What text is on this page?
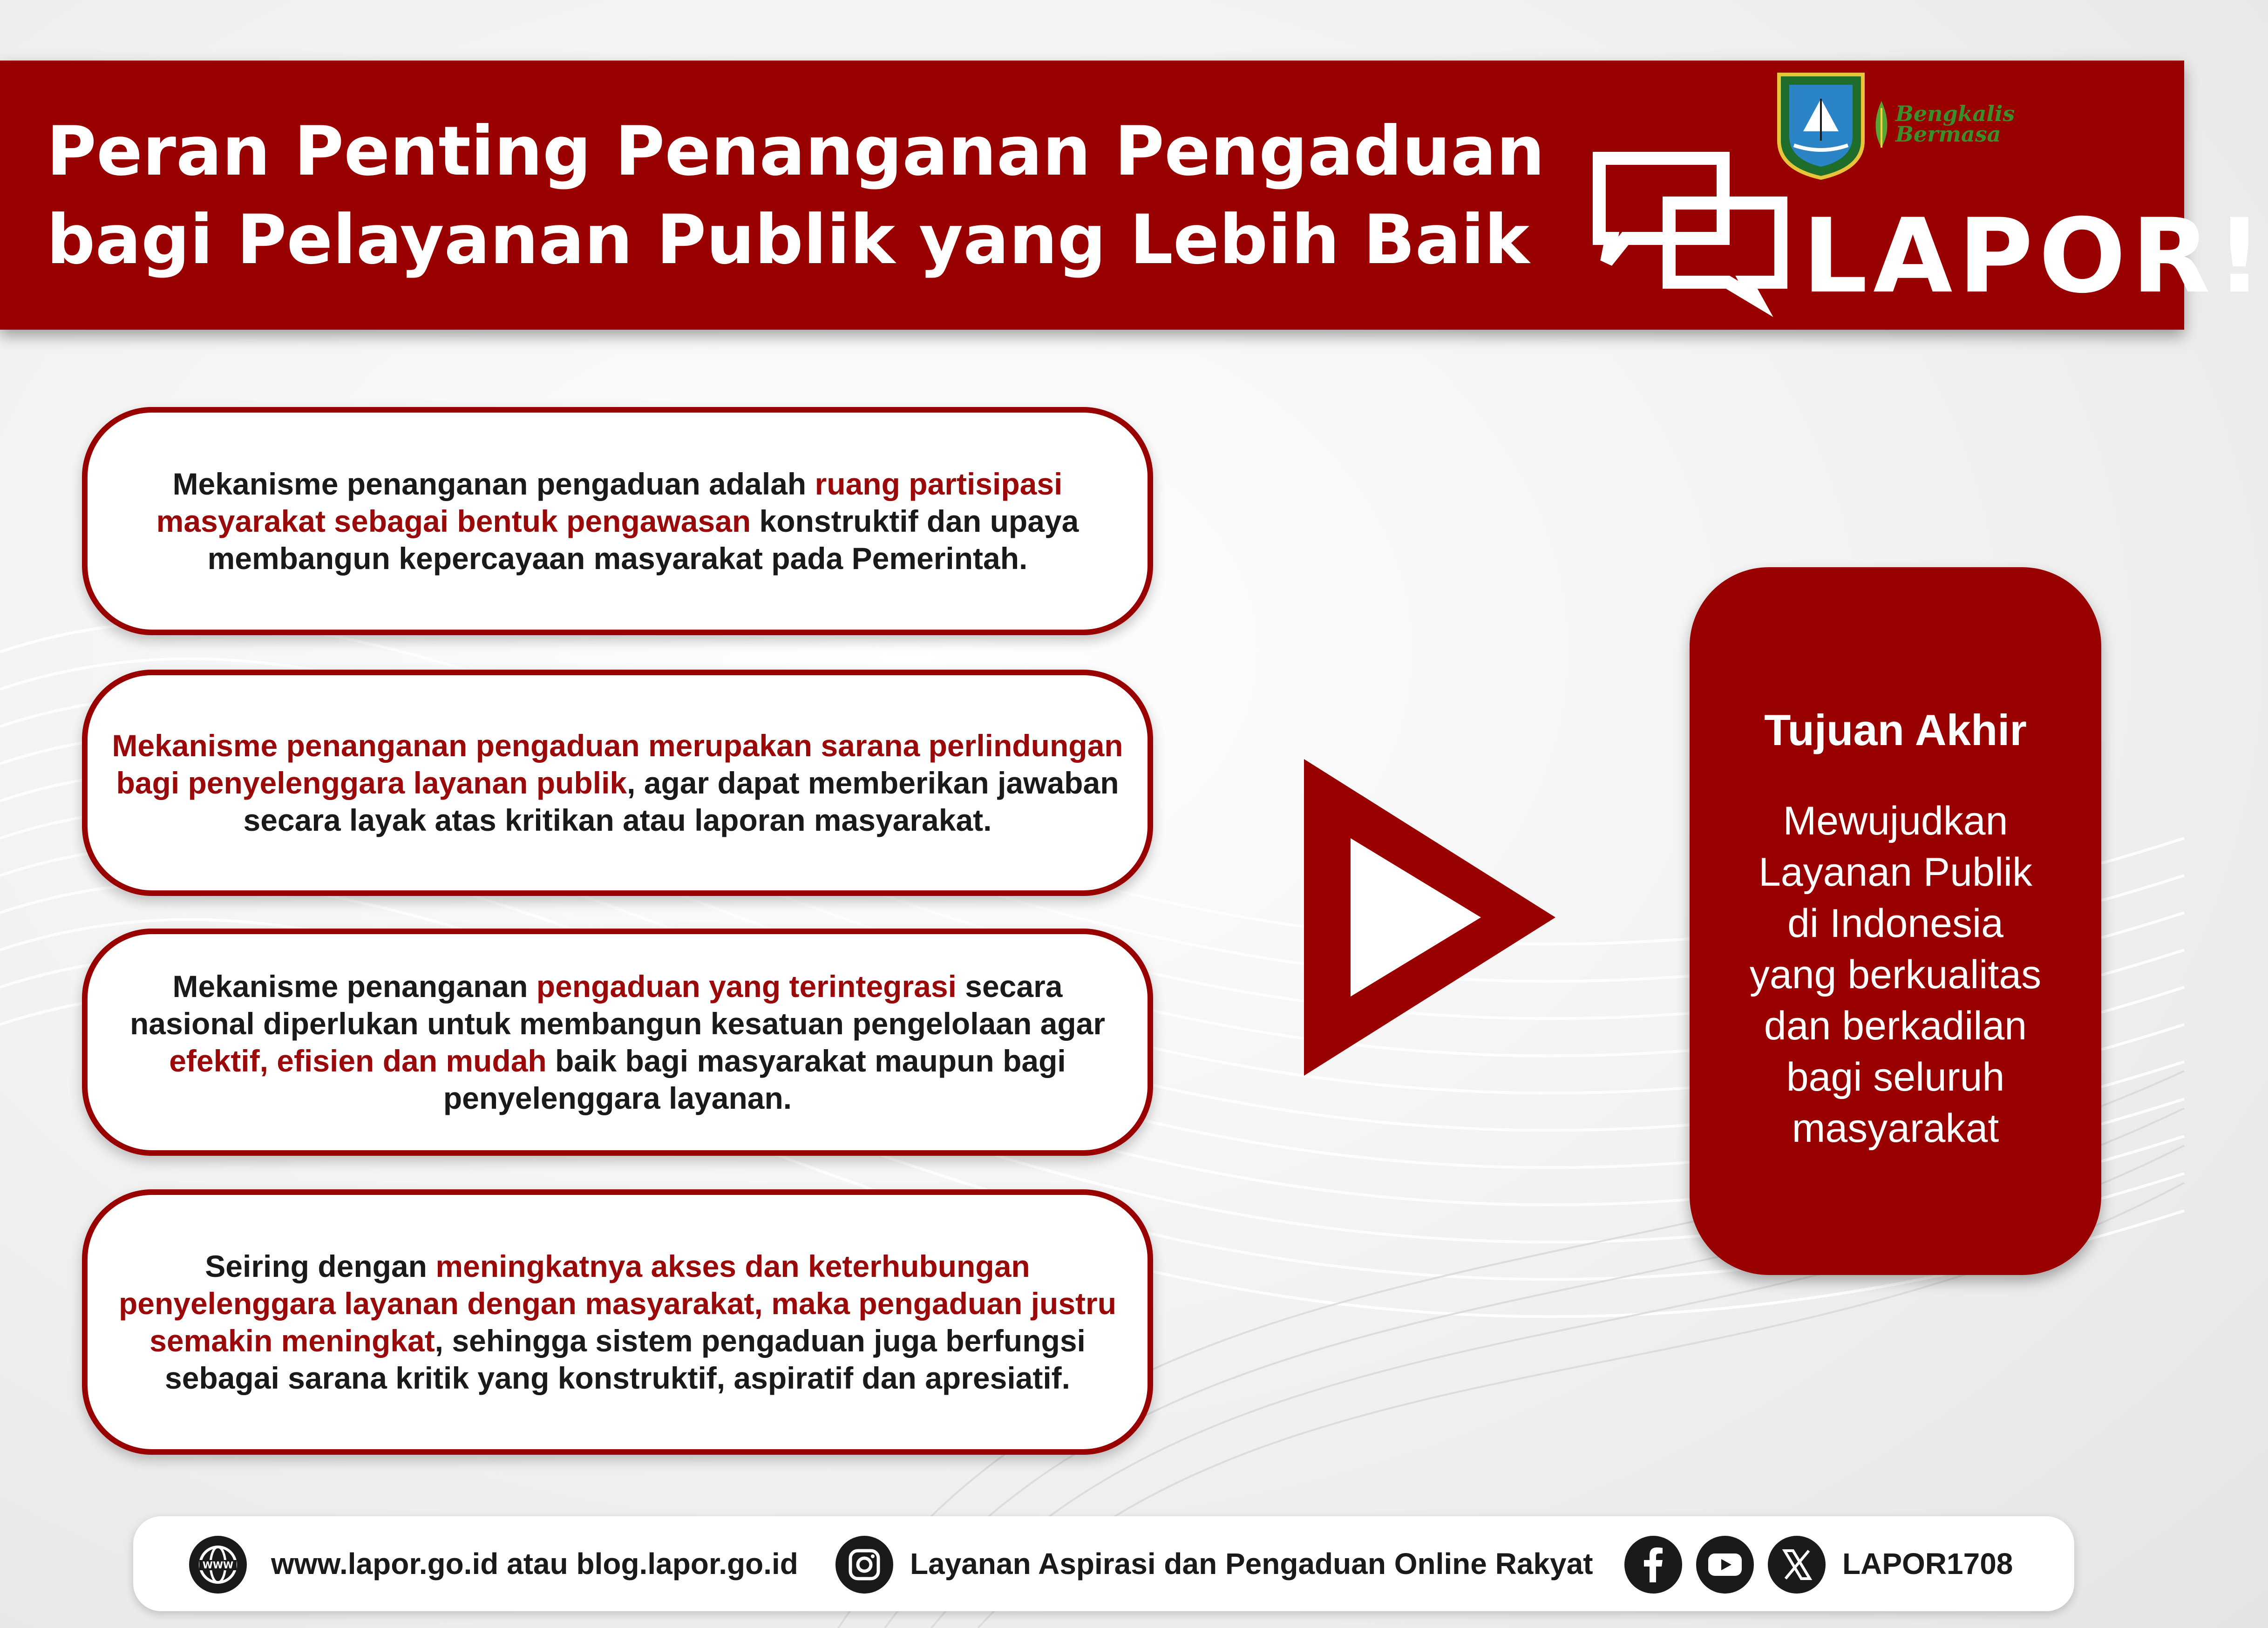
Peran Penting Penanganan Pengaduan
bagi Pelayanan Publik yang Lebih Baik
Bengkalis
Bermasa
LAPOR!

Mekanisme penanganan pengaduan adalah ruang partisipasi masyarakat sebagai bentuk pengawasan konstruktif dan upaya membangun kepercayaan masyarakat pada Pemerintah.

Mekanisme penanganan pengaduan merupakan sarana perlindungan bagi penyelenggara layanan publik, agar dapat memberikan jawaban secara layak atas kritikan atau laporan masyarakat.

Mekanisme penanganan pengaduan yang terintegrasi secara nasional diperlukan untuk membangun kesatuan pengelolaan agar efektif, efisien dan mudah baik bagi masyarakat maupun bagi penyelenggara layanan.

Seiring dengan meningkatnya akses dan keterhubungan penyelenggara layanan dengan masyarakat, maka pengaduan justru semakin meningkat, sehingga sistem pengaduan juga berfungsi sebagai sarana kritik yang konstruktif, aspiratif dan apresiatif.

Tujuan Akhir
Mewujudkan
Layanan Publik
di Indonesia
yang berkualitas
dan berkadilan
bagi seluruh
masyarakat
WWW www.lapor.go.id atau blog.lapor.go.id	Layanan Aspirasi dan Pengaduan Online Rakyat	LAPOR1708
